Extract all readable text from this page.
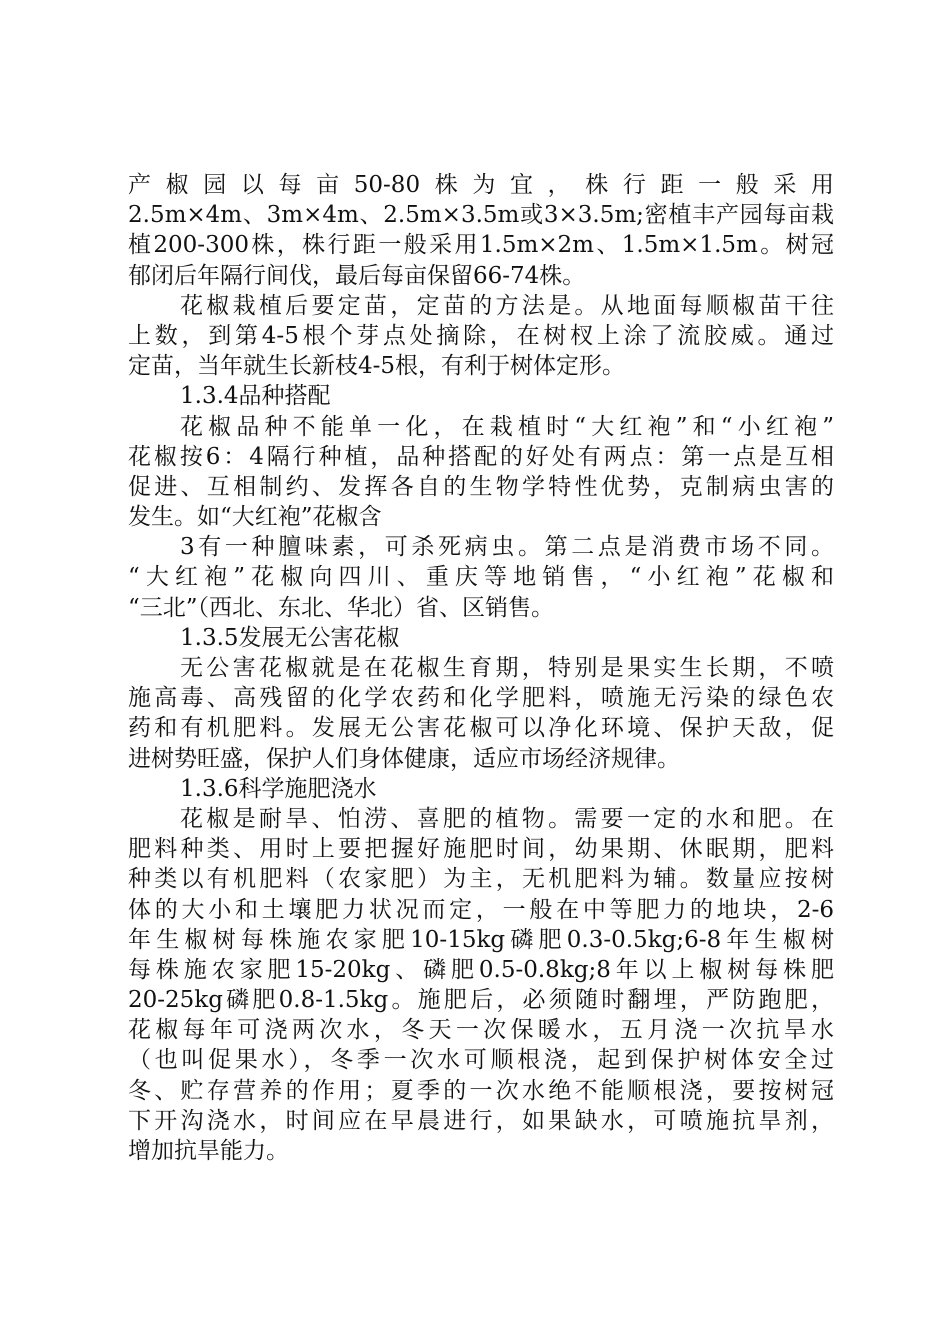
产椒园以每亩50-80株为宜，株行距一般采用
2.5m×4m、3m×4m、2.5m×3.5m或3×3.5m;密植丰产园每亩栽
植200-300株，株行距一般采用1.5m×2m、1.5m×1.5m。树冠
郁闭后年隔行间伐，最后每亩保留66-74株。
花椒栽植后要定苗，定苗的方法是。从地面每顺椒苗干往
上数，到第4-5根个芽点处摘除，在树杈上涂了流胶威。通过
定苗，当年就生长新枝4-5根，有利于树体定形。
1.3.4品种搭配
花椒品种不能单一化，在栽植时“大红袍”和“小红袍”
花椒按6：4隔行种植，品种搭配的好处有两点：第一点是互相
促进、互相制约、发挥各自的生物学特性优势，克制病虫害的
发生。如“大红袍”花椒含
3有一种膻味素，可杀死病虫。第二点是消费市场不同。
“大红袍”花椒向四川、重庆等地销售，“小红袍”花椒和
“三北”（西北、东北、华北）省、区销售。
1.3.5发展无公害花椒
无公害花椒就是在花椒生育期，特别是果实生长期，不喷
施高毒、高残留的化学农药和化学肥料，喷施无污染的绿色农
药和有机肥料。发展无公害花椒可以净化环境、保护天敌，促
进树势旺盛，保护人们身体健康，适应市场经济规律。
1.3.6科学施肥浇水
花椒是耐旱、怕涝、喜肥的植物。需要一定的水和肥。在
肥料种类、用时上要把握好施肥时间，幼果期、休眠期，肥料
种类以有机肥料（农家肥）为主，无机肥料为辅。数量应按树
体的大小和土壤肥力状况而定，一般在中等肥力的地块，2-6
年生椒树每株施农家肥10-15kg磷肥0.3-0.5kg;6-8年生椒树
每株施农家肥15-20kg、磷肥0.5-0.8kg;8年以上椒树每株肥
20-25kg磷肥0.8-1.5kg。施肥后，必须随时翻埋，严防跑肥，
花椒每年可浇两次水，冬天一次保暖水，五月浇一次抗旱水
（也叫促果水），冬季一次水可顺根浇，起到保护树体安全过
冬、贮存营养的作用；夏季的一次水绝不能顺根浇，要按树冠
下开沟浇水，时间应在早晨进行，如果缺水，可喷施抗旱剂，
增加抗旱能力。
